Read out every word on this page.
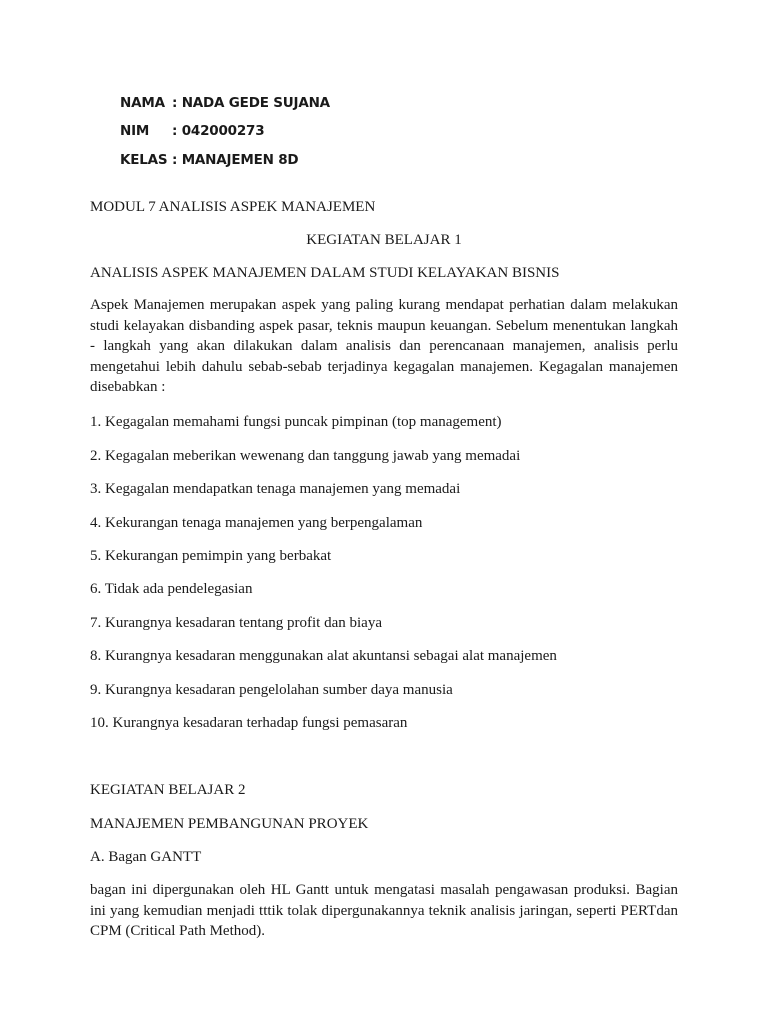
NAMA : NADA GEDE SUJANA
NIM : 042000273
KELAS : MANAJEMEN 8D
MODUL 7 ANALISIS ASPEK MANAJEMEN
KEGIATAN BELAJAR 1
ANALISIS ASPEK MANAJEMEN DALAM STUDI KELAYAKAN BISNIS
Aspek Manajemen merupakan aspek yang paling kurang mendapat perhatian dalam melakukan studi kelayakan disbanding aspek pasar, teknis maupun keuangan. Sebelum menentukan langkah - langkah yang akan dilakukan dalam analisis dan perencanaan manajemen, analisis perlu mengetahui lebih dahulu sebab-sebab terjadinya kegagalan manajemen. Kegagalan manajemen disebabkan :
1. Kegagalan memahami fungsi puncak pimpinan (top management)
2. Kegagalan meberikan wewenang dan tanggung jawab yang memadai
3. Kegagalan mendapatkan tenaga manajemen yang memadai
4. Kekurangan tenaga manajemen yang berpengalaman
5. Kekurangan pemimpin yang berbakat
6. Tidak ada pendelegasian
7. Kurangnya kesadaran tentang profit dan biaya
8. Kurangnya kesadaran menggunakan alat akuntansi sebagai alat manajemen
9. Kurangnya kesadaran pengelolahan sumber daya manusia
10. Kurangnya kesadaran terhadap fungsi pemasaran
KEGIATAN BELAJAR 2
MANAJEMEN PEMBANGUNAN PROYEK
A. Bagan GANTT
bagan ini dipergunakan oleh HL Gantt untuk mengatasi masalah pengawasan produksi. Bagian ini yang kemudian menjadi tttik tolak dipergunakannya teknik analisis jaringan, seperti PERTdan CPM (Critical Path Method).
